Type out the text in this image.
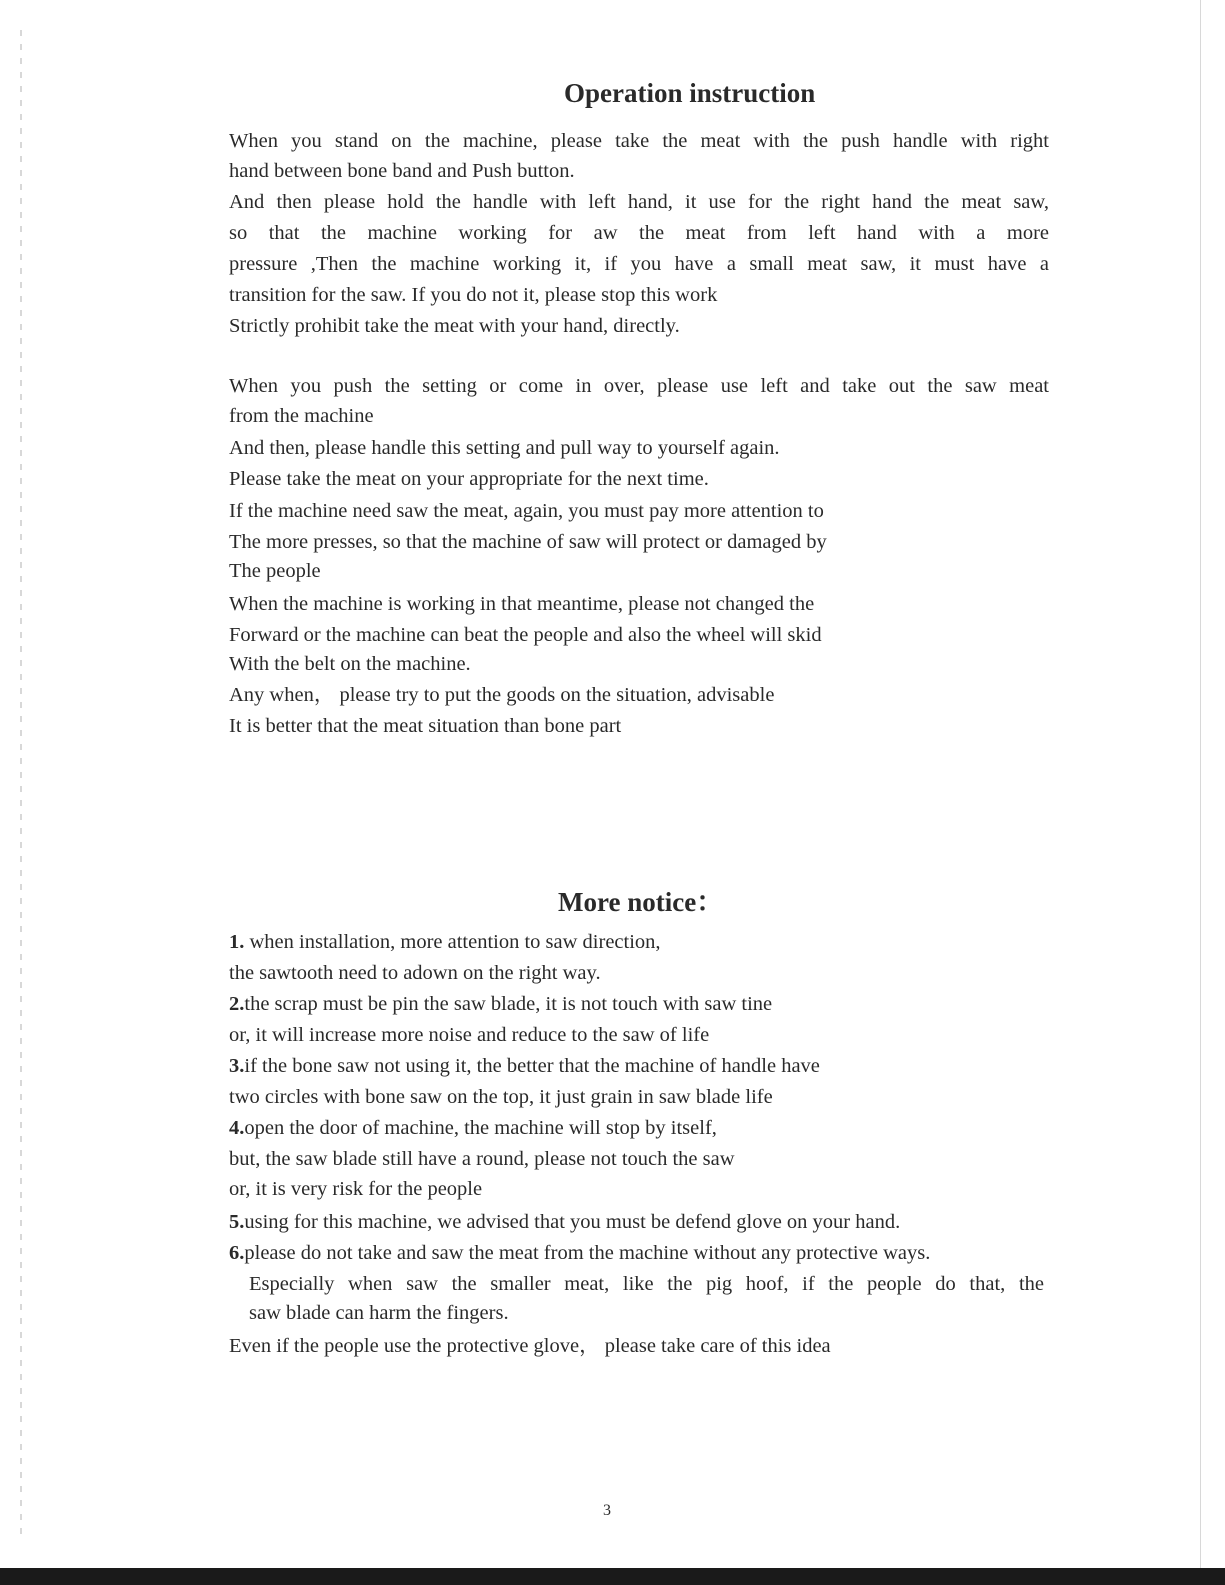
Operation instruction
When you stand on the machine, please take the meat with the push handle with right
hand between bone band and Push button.
And then please hold the handle with left hand, it use for the right hand the meat saw,
so that the machine working for aw the meat from left hand with a more
pressure ,Then the machine working it, if you have a small meat saw, it must have a
transition for the saw. If you do not it, please stop this work
Strictly prohibit take the meat with your hand, directly.
When you push the setting or come in over, please use left and take out the saw meat
from the machine
And then, please handle this setting and pull way to yourself again.
Please take the meat on your appropriate for the next time.
If the machine need saw the meat, again, you must pay more attention to
The more presses, so that the machine of saw will protect or damaged by
The people
When the machine is working in that meantime, please not changed the
Forward or the machine can beat the people and also the wheel will skid
With the belt on the machine.
Any when， please try to put the goods on the situation, advisable
It is better that the meat situation than bone part
More notice：
1. when installation, more attention to saw direction,
the sawtooth need to adown on the right way.
2.the scrap must be pin the saw blade, it is not touch with saw tine
or, it will increase more noise and reduce to the saw of life
3.if the bone saw not using it, the better that the machine of handle have
two circles with bone saw on the top, it just grain in saw blade life
4.open the door of machine, the machine will stop by itself,
but, the saw blade still have a round, please not touch the saw
or, it is very risk for the people
5.using for this machine, we advised that you must be defend glove on your hand.
6.please do not take and saw the meat from the machine without any protective ways.
Especially when saw the smaller meat, like the pig hoof, if the people do that, the
saw blade can harm the fingers.
Even if the people use the protective glove， please take care of this idea
3
